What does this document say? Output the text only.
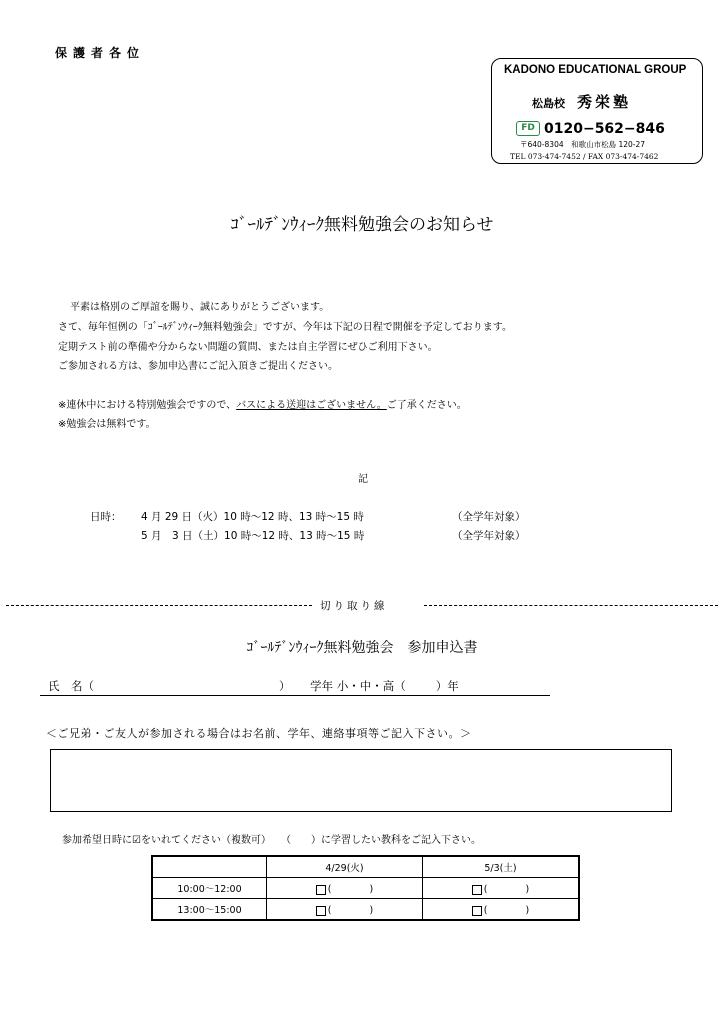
保護者各位
KADONO EDUCATIONAL GROUP
松島校 秀栄塾
FD 0120−562−846
〒640-8304　和歌山市松島 120-27
TEL 073-474-7452 / FAX 073-474-7462
ｺﾞｰﾙﾃﾞﾝｳｨｰｸ無料勉強会のお知らせ
平素は格別のご厚誼を賜り、誠にありがとうございます。
さて、毎年恒例の「ｺﾞｰﾙﾃﾞﾝｳｨｰｸ無料勉強会」ですが、今年は下記の日程で開催を予定しております。
定期テスト前の準備や分からない問題の質問、または自主学習にぜひご利用下さい。
ご参加される方は、参加申込書にご記入頂きご提出ください。
※連休中における特別勉強会ですので、バスによる送迎はございません。ご了承ください。
※勉強会は無料です。
記
日時： 4 月 29 日（火）10 時～12 時、13 時～15 時	（全学年対象）
5 月　3 日（土）10 時～12 時、13 時～15 時	（全学年対象）
切り取り線
ｺﾞｰﾙﾃﾞﾝｳｨｰｸ無料勉強会　参加申込書
氏　名（	） 学年 小・中・高（	）年
＜ご兄弟・ご友人が参加される場合はお名前、学年、連絡事項等ご記入下さい。＞
参加希望日時に☑をいれてください（複数可）　　（　　）に学習したい教科をご記入下さい。
	4/29(火)	5/3(土)
10:00～12:00	(　　　　)	(　　　　)
13:00～15:00	(　　　　)	(　　　　)
